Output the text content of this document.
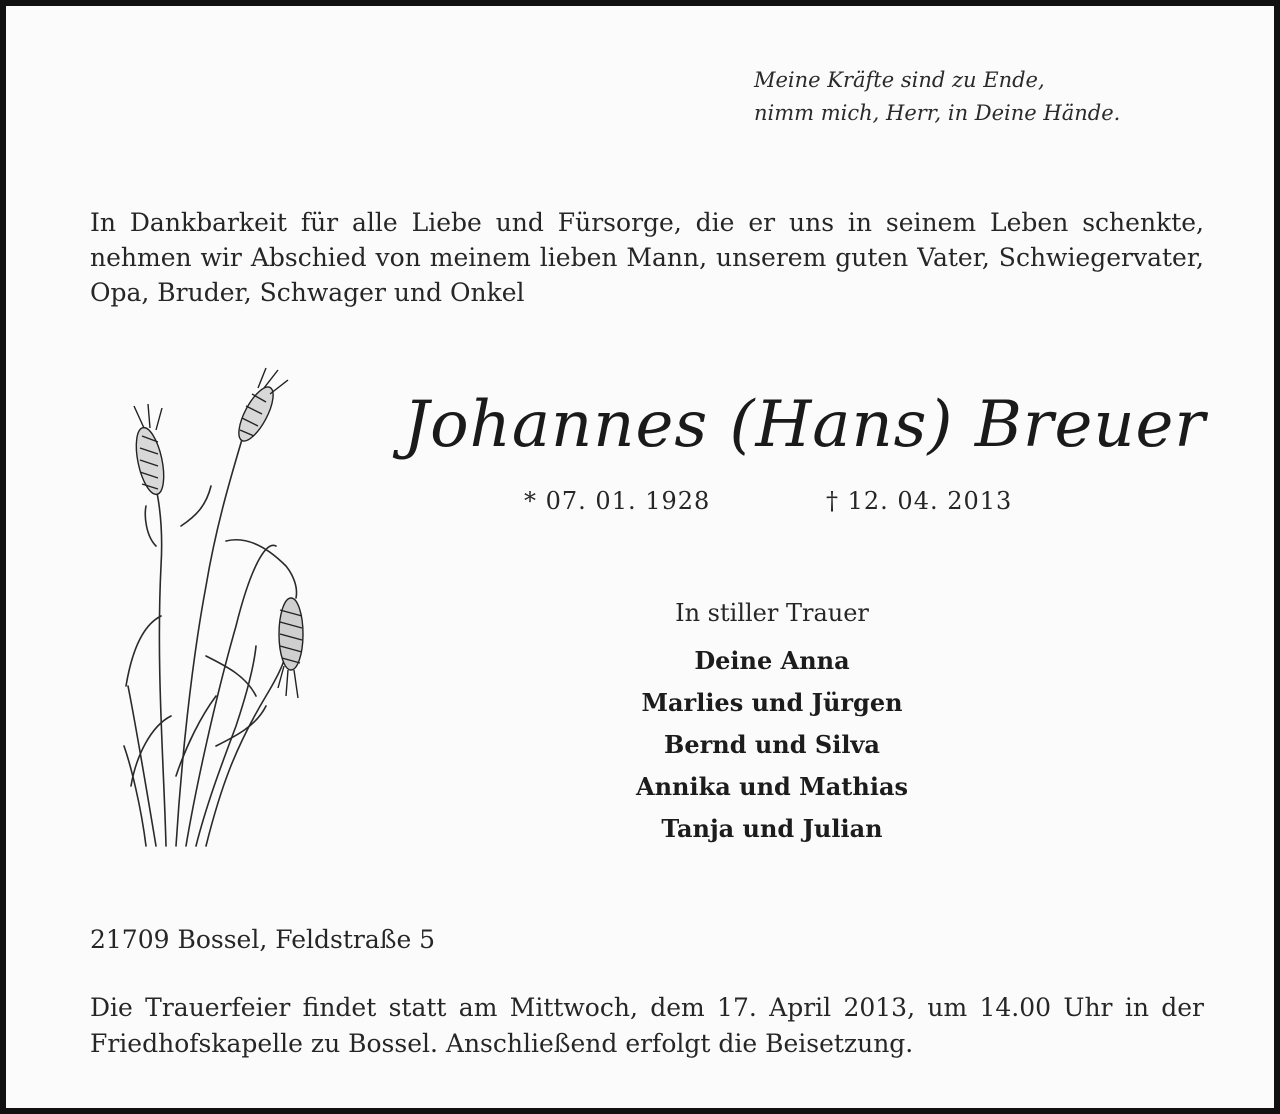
Meine Kräfte sind zu Ende,
nimm mich, Herr, in Deine Hände.
In Dankbarkeit für alle Liebe und Fürsorge, die er uns in seinem Leben schenkte, nehmen wir Abschied von meinem lieben Mann, unserem guten Vater, Schwiegervater, Opa, Bruder, Schwager und Onkel
Johannes (Hans) Breuer
* 07. 01. 1928	† 12. 04. 2013
In stiller Trauer
Deine Anna
Marlies und Jürgen
Bernd und Silva
Annika und Mathias
Tanja und Julian
21709 Bossel, Feldstraße 5
Die Trauerfeier findet statt am Mittwoch, dem 17. April 2013, um 14.00 Uhr in der Friedhofskapelle zu Bossel. Anschließend erfolgt die Beisetzung.
